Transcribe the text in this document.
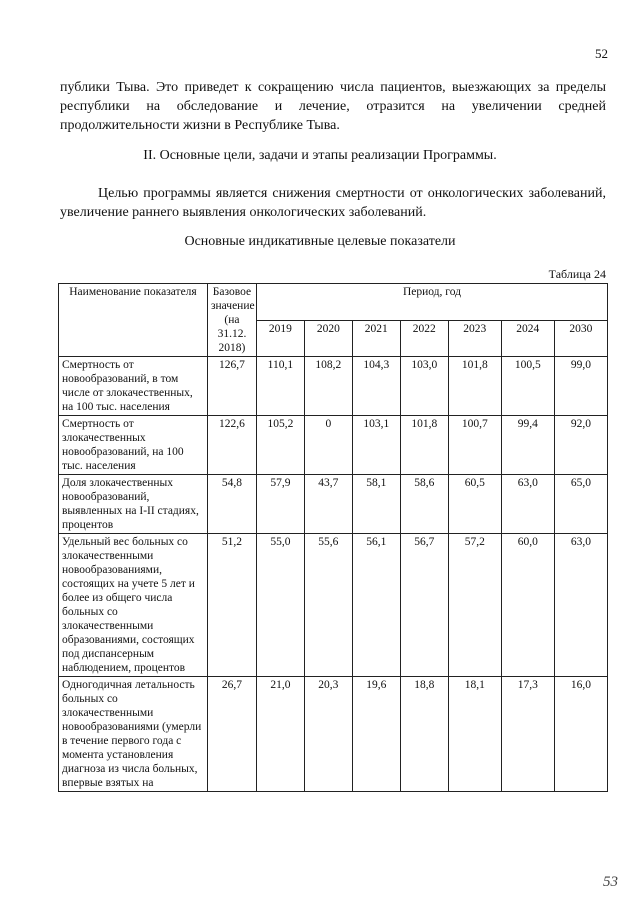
52

публики Тыва. Это приведет к сокращению числа пациентов, выезжающих за пределы республики на обследование и лечение, отразится на увеличении средней продолжительности жизни в Республике Тыва.

II. Основные цели, задачи и этапы реализации Программы.

Целью программы является снижения смертности от онкологических заболеваний, увеличение раннего выявления онкологических заболеваний.

Основные индикативные целевые показатели
Таблица 24
Наименование показателя	Базовое значение (на 31.12. 2018)	Период, год						
		2019	2020	2021	2022	2023	2024	2030
Смертность от новообразований, в том числе от злокачественных, на 100 тыс. населения	126,7	110,1	108,2	104,3	103,0	101,8	100,5	99,0
Смертность от злокачественных новообразований, на 100 тыс. населения	122,6	105,2	0	103,1	101,8	100,7	99,4	92,0
Доля злокачественных новообразований, выявленных на I-II стадиях, процентов	54,8	57,9	43,7	58,1	58,6	60,5	63,0	65,0
Удельный вес больных со злокачественными новообразованиями, состоящих на учете 5 лет и более из общего числа больных со злокачественными образованиями, состоящих под диспансерным наблюдением, процентов	51,2	55,0	55,6	56,1	56,7	57,2	60,0	63,0
Одногодичная летальность больных со злокачественными новообразованиями (умерли в течение первого года с момента установления диагноза из числа больных, впервые взятых на	26,7	21,0	20,3	19,6	18,8	18,1	17,3	16,0
53
